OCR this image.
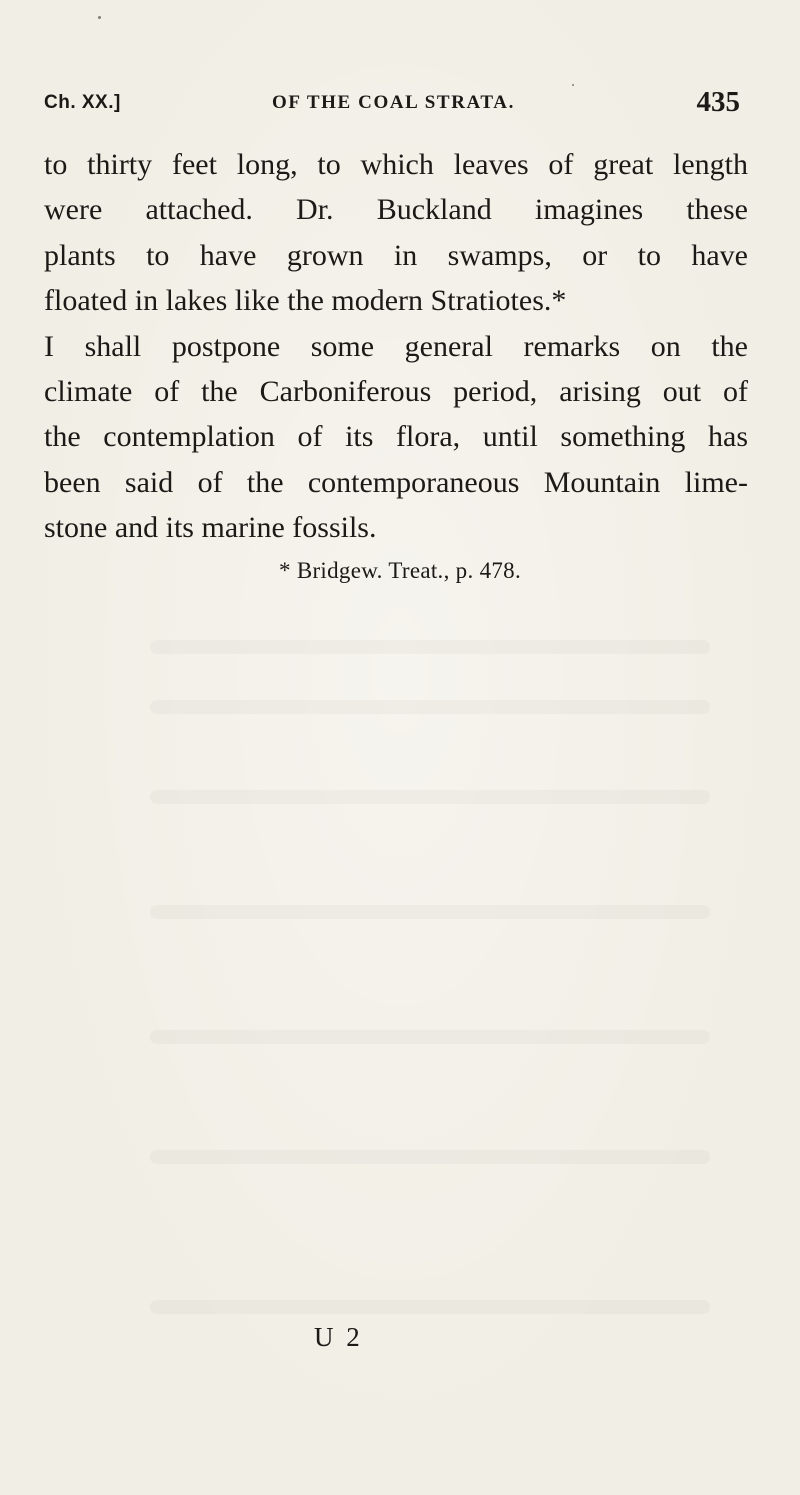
Ch. XX.]	OF THE COAL STRATA.	435
to thirty feet long, to which leaves of great length
were attached. Dr. Buckland imagines these
plants to have grown in swamps, or to have
floated in lakes like the modern Stratiotes.*
I shall postpone some general remarks on the
climate of the Carboniferous period, arising out of
the contemplation of its flora, until something has
been said of the contemporaneous Mountain lime-
stone and its marine fossils.
* Bridgew. Treat., p. 478.
U 2
